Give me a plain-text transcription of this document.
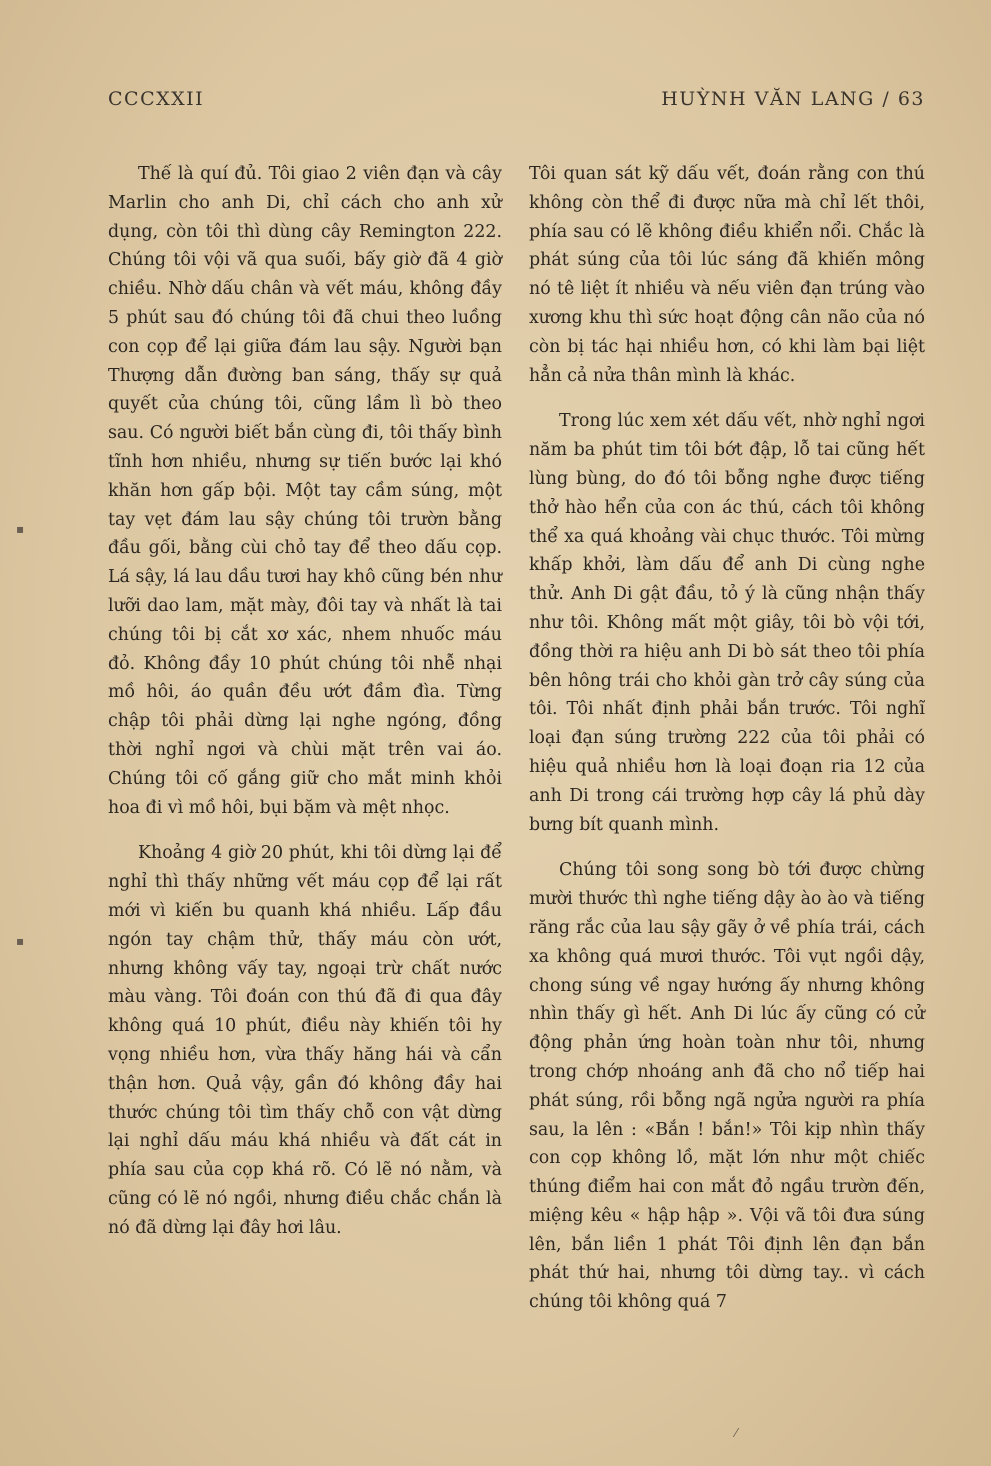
CCCXXII	HUỲNH VĂN LANG / 63

Thế là quí đủ. Tôi giao 2 viên đạn và cây Marlin cho anh Di, chỉ cách cho anh xử dụng, còn tôi thì dùng cây Remington 222. Chúng tôi vội vã qua suối, bấy giờ đã 4 giờ chiều. Nhờ dấu chân và vết máu, không đầy 5 phút sau đó chúng tôi đã chui theo luồng con cọp để lại giữa đám lau sậy. Người bạn Thượng dẫn đường ban sáng, thấy sự quả quyết của chúng tôi, cũng lầm lì bò theo sau. Có người biết bắn cùng đi, tôi thấy bình tĩnh hơn nhiều, nhưng sự tiến bước lại khó khăn hơn gấp bội. Một tay cầm súng, một tay vẹt đám lau sậy chúng tôi trườn bằng đầu gối, bằng cùi chỏ tay để theo dấu cọp. Lá sậy, lá lau dầu tươi hay khô cũng bén như lưỡi dao lam, mặt mày, đôi tay và nhất là tai chúng tôi bị cắt xơ xác, nhem nhuốc máu đỏ. Không đầy 10 phút chúng tôi nhễ nhại mồ hôi, áo quần đều ướt đầm đìa. Từng chập tôi phải dừng lại nghe ngóng, đồng thời nghỉ ngơi và chùi mặt trên vai áo. Chúng tôi cố gắng giữ cho mắt minh khỏi hoa đi vì mồ hôi, bụi bặm và mệt nhọc.

Khoảng 4 giờ 20 phút, khi tôi dừng lại để nghỉ thì thấy những vết máu cọp để lại rất mới vì kiến bu quanh khá nhiều. Lấp đầu ngón tay chậm thử, thấy máu còn ướt, nhưng không vấy tay, ngoại trừ chất nước màu vàng. Tôi đoán con thú đã đi qua đây không quá 10 phút, điều này khiến tôi hy vọng nhiều hơn, vừa thấy hăng hái và cẩn thận hơn. Quả vậy, gần đó không đầy hai thước chúng tôi tìm thấy chỗ con vật dừng lại nghỉ dấu máu khá nhiều và đất cát in phía sau của cọp khá rõ. Có lẽ nó nằm, và cũng có lẽ nó ngồi, nhưng điều chắc chắn là nó đã dừng lại đây hơi lâu.

Tôi quan sát kỹ dấu vết, đoán rằng con thú không còn thể đi được nữa mà chỉ lết thôi, phía sau có lẽ không điều khiển nổi. Chắc là phát súng của tôi lúc sáng đã khiến mông nó tê liệt ít nhiều và nếu viên đạn trúng vào xương khu thì sức hoạt động cân não của nó còn bị tác hại nhiều hơn, có khi làm bại liệt hẳn cả nửa thân mình là khác.

Trong lúc xem xét dấu vết, nhờ nghỉ ngơi năm ba phút tim tôi bớt đập, lỗ tai cũng hết lùng bùng, do đó tôi bỗng nghe được tiếng thở hào hển của con ác thú, cách tôi không thể xa quá khoảng vài chục thước. Tôi mừng khấp khởi, làm dấu để anh Di cùng nghe thử. Anh Di gật đầu, tỏ ý là cũng nhận thấy như tôi. Không mất một giây, tôi bò vội tới, đồng thời ra hiệu anh Di bò sát theo tôi phía bên hông trái cho khỏi gàn trở cây súng của tôi. Tôi nhất định phải bắn trước. Tôi nghĩ loại đạn súng trường 222 của tôi phải có hiệu quả nhiều hơn là loại đoạn ria 12 của anh Di trong cái trường hợp cây lá phủ dày bưng bít quanh mình.

Chúng tôi song song bò tới được chừng mười thước thì nghe tiếng dậy ào ào và tiếng răng rắc của lau sậy gãy ở về phía trái, cách xa không quá mươi thước. Tôi vụt ngồi dậy, chong súng về ngay hướng ấy nhưng không nhìn thấy gì hết. Anh Di lúc ấy cũng có cử động phản ứng hoàn toàn như tôi, nhưng trong chớp nhoáng anh đã cho nổ tiếp hai phát súng, rồi bỗng ngã ngửa người ra phía sau, la lên : «Bắn ! bắn!» Tôi kịp nhìn thấy con cọp không lồ, mặt lớn như một chiếc thúng điểm hai con mắt đỏ ngầu trườn đến, miệng kêu « hập hập ». Vội vã tôi đưa súng lên, bắn liền 1 phát Tôi định lên đạn bắn phát thứ hai, nhưng tôi dừng tay.. vì cách chúng tôi không quá 7

▪
▪
⁄
